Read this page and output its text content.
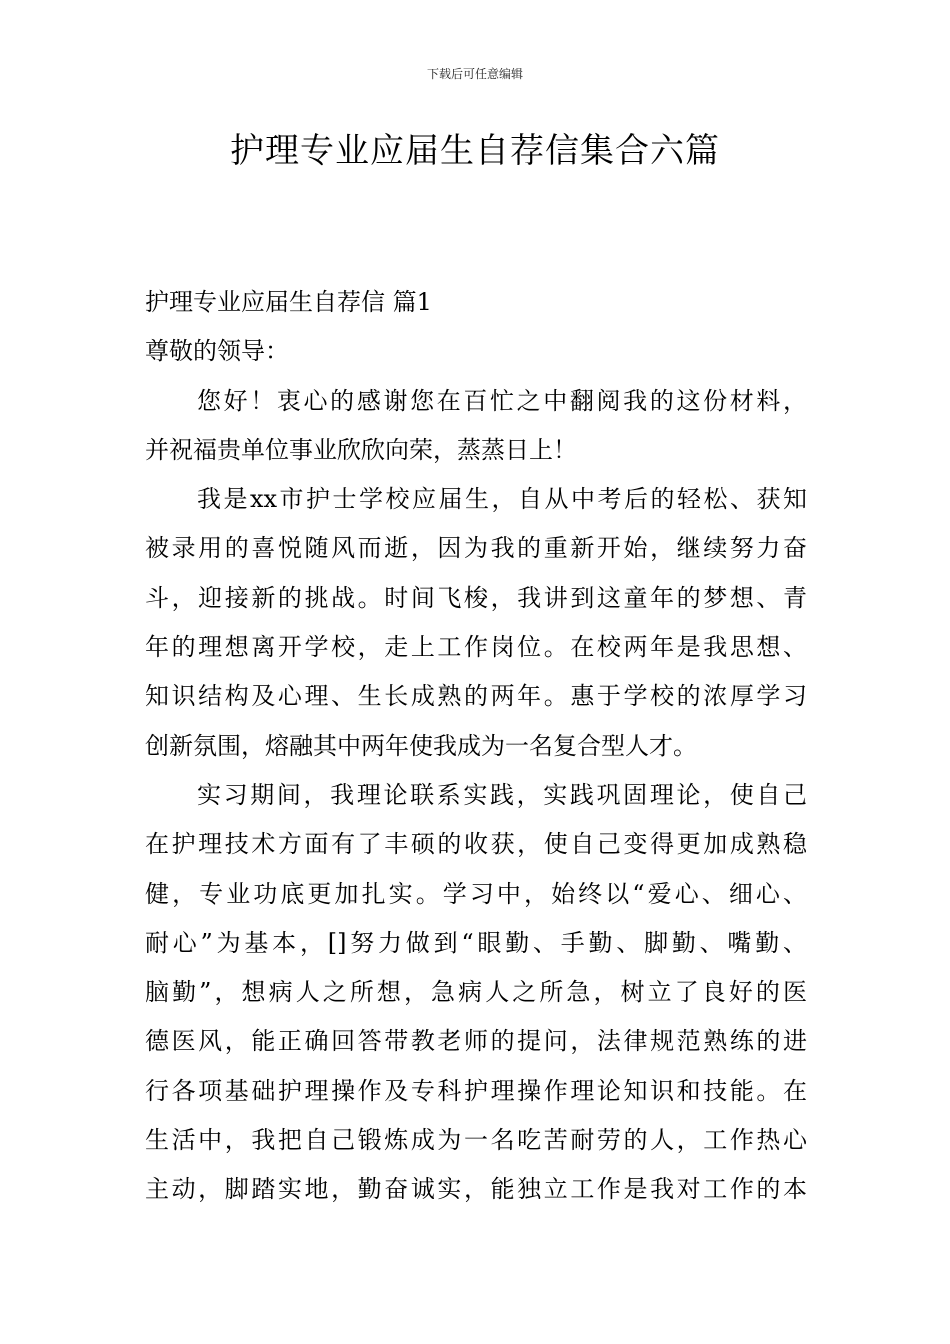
下载后可任意编辑
护理专业应届生自荐信集合六篇
护理专业应届生自荐信 篇1
尊敬的领导：
您好！衷心的感谢您在百忙之中翻阅我的这份材料，
并祝福贵单位事业欣欣向荣，蒸蒸日上！
我是xx市护士学校应届生，自从中考后的轻松、获知
被录用的喜悦随风而逝，因为我的重新开始，继续努力奋
斗，迎接新的挑战。时间飞梭，我讲到这童年的梦想、青
年的理想离开学校，走上工作岗位。在校两年是我思想、
知识结构及心理、生长成熟的两年。惠于学校的浓厚学习
创新氛围，熔融其中两年使我成为一名复合型人才。
实习期间，我理论联系实践，实践巩固理论，使自己
在护理技术方面有了丰硕的收获，使自己变得更加成熟稳
健，专业功底更加扎实。学习中，始终以“爱心、细心、
耐心”为基本，[]努力做到“眼勤、手勤、脚勤、嘴勤、
脑勤”，想病人之所想，急病人之所急，树立了良好的医
德医风，能正确回答带教老师的提问，法律规范熟练的进
行各项基础护理操作及专科护理操作理论知识和技能。在
生活中，我把自己锻炼成为一名吃苦耐劳的人，工作热心
主动，脚踏实地，勤奋诚实，能独立工作是我对工作的本
